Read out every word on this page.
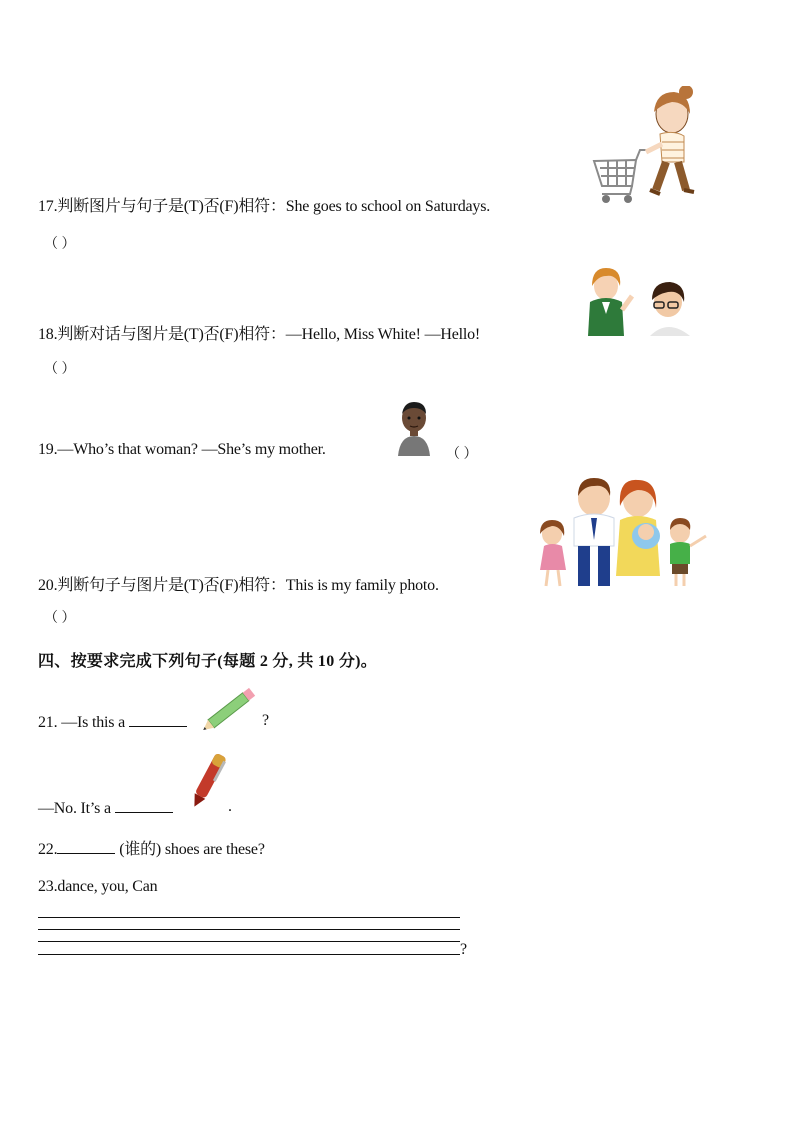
17.判断图片与句子是(T)否(F)相符：She goes to school on Saturdays.
（ ）
18.判断对话与图片是(T)否(F)相符：—Hello, Miss White! —Hello!
（ ）
19.—Who’s that woman? —She’s my mother.	（ ）
20.判断句子与图片是(T)否(F)相符：This is my family photo.
（ ）
四、按要求完成下列句子(每题 2 分, 共 10 分)。
21. —Is this a	?
—No. It’s a	.
22.	(谁的) shoes are these?
23.dance, you, Can
?
